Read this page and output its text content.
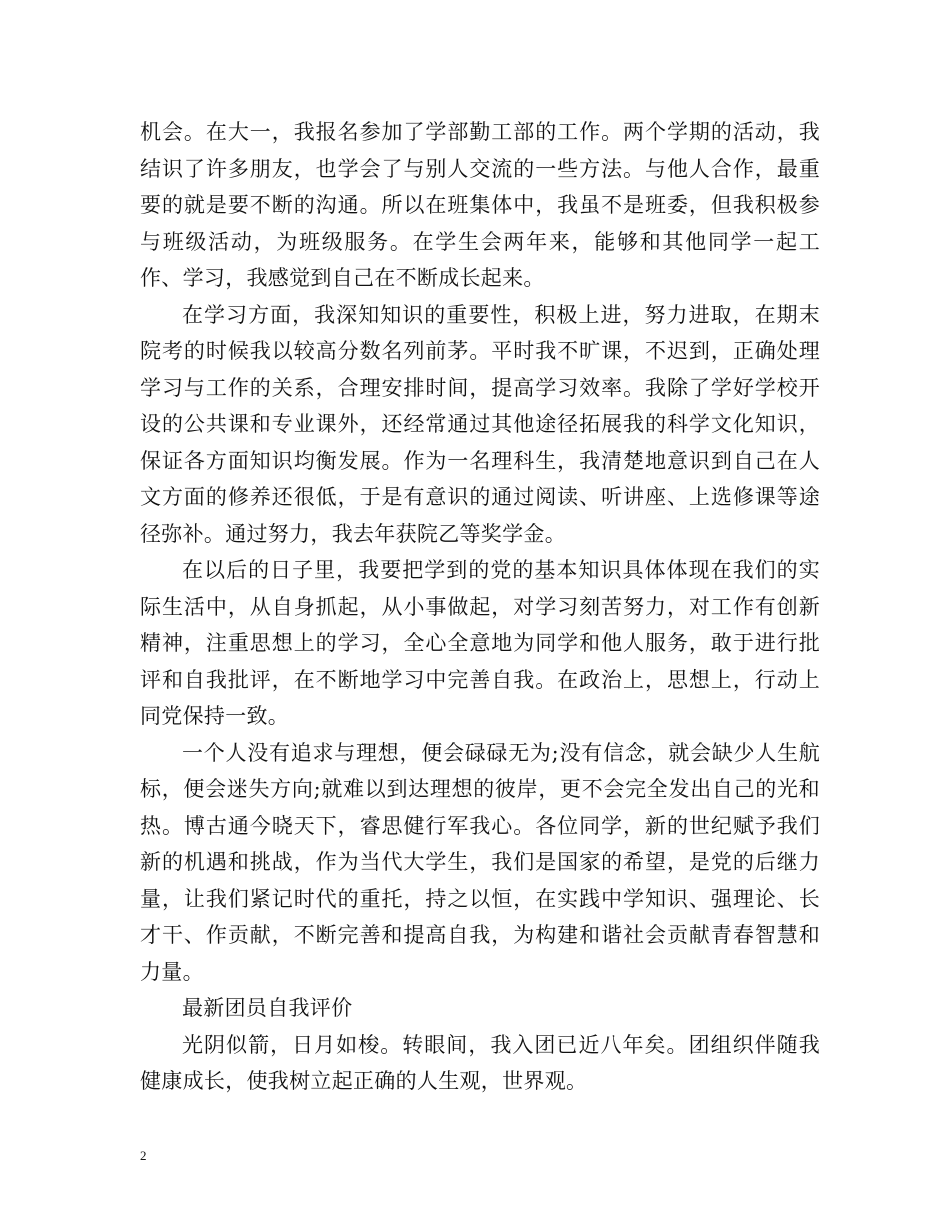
机会。在大一，我报名参加了学部勤工部的工作。两个学期的活动，我结识了许多朋友，也学会了与别人交流的一些方法。与他人合作，最重要的就是要不断的沟通。所以在班集体中，我虽不是班委，但我积极参与班级活动，为班级服务。在学生会两年来，能够和其他同学一起工作、学习，我感觉到自己在不断成长起来。

在学习方面，我深知知识的重要性，积极上进，努力进取，在期末院考的时候我以较高分数名列前茅。平时我不旷课，不迟到，正确处理学习与工作的关系，合理安排时间，提高学习效率。我除了学好学校开设的公共课和专业课外，还经常通过其他途径拓展我的科学文化知识，保证各方面知识均衡发展。作为一名理科生，我清楚地意识到自己在人文方面的修养还很低，于是有意识的通过阅读、听讲座、上选修课等途径弥补。通过努力，我去年获院乙等奖学金。

在以后的日子里，我要把学到的党的基本知识具体体现在我们的实际生活中，从自身抓起，从小事做起，对学习刻苦努力，对工作有创新精神，注重思想上的学习，全心全意地为同学和他人服务，敢于进行批评和自我批评，在不断地学习中完善自我。在政治上，思想上，行动上同党保持一致。

一个人没有追求与理想，便会碌碌无为;没有信念，就会缺少人生航标，便会迷失方向;就难以到达理想的彼岸，更不会完全发出自己的光和热。博古通今晓天下，睿思健行军我心。各位同学，新的世纪赋予我们新的机遇和挑战，作为当代大学生，我们是国家的希望，是党的后继力量，让我们紧记时代的重托，持之以恒，在实践中学知识、强理论、长才干、作贡献，不断完善和提高自我，为构建和谐社会贡献青春智慧和力量。

最新团员自我评价

光阴似箭，日月如梭。转眼间，我入团已近八年矣。团组织伴随我健康成长，使我树立起正确的人生观，世界观。

2
